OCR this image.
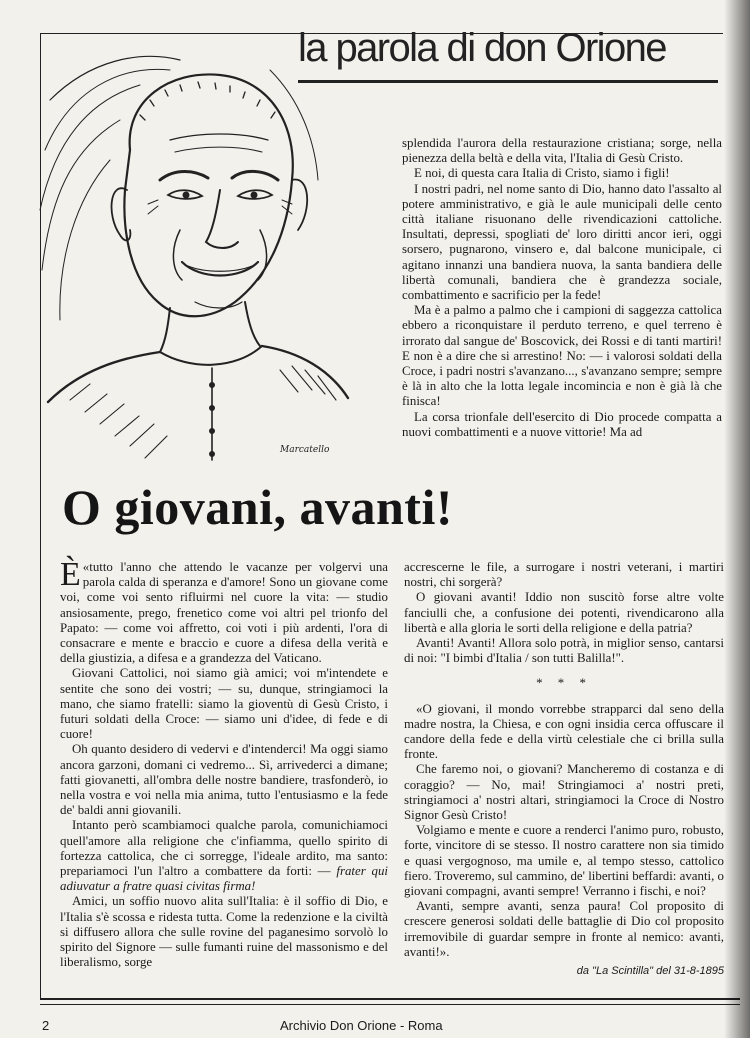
la parola di don Orione
Marcatello

splendida l'aurora della restaurazione cristiana; sorge, nella pienezza della beltà e della vita, l'Italia di Gesù Cristo.

E noi, di questa cara Italia di Cristo, siamo i figli!

I nostri padri, nel nome santo di Dio, hanno dato l'assalto al potere amministrativo, e già le aule municipali delle cento città italiane risuonano delle rivendicazioni cattoliche. Insultati, depressi, spogliati de' loro diritti ancor ieri, oggi sorsero, pugnarono, vinsero e, dal balcone municipale, ci agitano innanzi una bandiera nuova, la santa bandiera delle libertà comunali, bandiera che è grandezza sociale, combattimento e sacrificio per la fede!

Ma è a palmo a palmo che i campioni di saggezza cattolica ebbero a riconquistare il perduto terreno, e quel terreno è irrorato dal sangue de' Boscovick, dei Rossi e di tanti martiri! E non è a dire che si arrestino! No: — i valorosi soldati della Croce, i padri nostri s'avanzano..., s'avanzano sempre; sempre è là in alto che la lotta legale incomincia e non è già là che finisca!

La corsa trionfale dell'esercito di Dio procede compatta a nuovi combattimenti e a nuove vittorie! Ma ad

O giovani, avanti!

«
È tutto l'anno che attendo le vacanze per volgervi una parola calda di speranza e d'amore! Sono un giovane come voi, come voi sento rifluirmi nel cuore la vita: — studio ansiosamente, prego, frenetico come voi altri pel trionfo del Papato: — come voi affretto, coi voti i più ardenti, l'ora di consacrare e mente e braccio e cuore a difesa della verità e della giustizia, a difesa e a grandezza del Vaticano.

Giovani Cattolici, noi siamo già amici; voi m'intendete e sentite che sono dei vostri; — su, dunque, stringiamoci la mano, che siamo fratelli: siamo la gioventù di Gesù Cristo, i futuri soldati della Croce: — siamo uni d'idee, di fede e di cuore!

Oh quanto desidero di vedervi e d'intenderci! Ma oggi siamo ancora garzoni, domani ci vedremo... Sì, arrivederci a dimane; fatti giovanetti, all'ombra delle nostre bandiere, trasfonderò, io nella vostra e voi nella mia anima, tutto l'entusiasmo e la fede de' baldi anni giovanili.

Intanto però scambiamoci qualche parola, comunichiamoci quell'amore alla religione che c'infiamma, quello spirito di fortezza cattolica, che ci sorregge, l'ideale ardito, ma santo: prepariamoci l'un l'altro a combattere da forti: — frater qui adiuvatur a fratre quasi civitas firma!

Amici, un soffio nuovo alita sull'Italia: è il soffio di Dio, e l'Italia s'è scossa e ridesta tutta. Come la redenzione e la civiltà si diffusero allora che sulle rovine del paganesimo sorvolò lo spirito del Signore — sulle fumanti ruine del massonismo e del liberalismo, sorge

accrescerne le file, a surrogare i nostri veterani, i martiri nostri, chi sorgerà?

O giovani avanti! Iddio non suscitò forse altre volte fanciulli che, a confusione dei potenti, rivendicarono alla libertà e alla gloria le sorti della religione e della patria?

Avanti! Avanti! Allora solo potrà, in miglior senso, cantarsi di noi: "I bimbi d'Italia / son tutti Balilla!".

* * *

«O giovani, il mondo vorrebbe strapparci dal seno della madre nostra, la Chiesa, e con ogni insidia cerca offuscare il candore della fede e della virtù celestiale che ci brilla sulla fronte.

Che faremo noi, o giovani? Mancheremo di costanza e di coraggio? — No, mai! Stringiamoci a' nostri preti, stringiamoci a' nostri altari, stringiamoci la Croce di Nostro Signor Gesù Cristo!

Volgiamo e mente e cuore a renderci l'animo puro, robusto, forte, vincitore di se stesso. Il nostro carattere non sia timido e quasi vergognoso, ma umile e, al tempo stesso, cattolico fiero. Troveremo, sul cammino, de' libertini beffardi: avanti, o giovani compagni, avanti sempre! Verranno i fischi, e noi?

Avanti, sempre avanti, senza paura! Col proposito di crescere generosi soldati delle battaglie di Dio col proposito irremovibile di guardar sempre in fronte al nemico: avanti, avanti!».

da "La Scintilla" del 31-8-1895
2	Archivio Don Orione - Roma
